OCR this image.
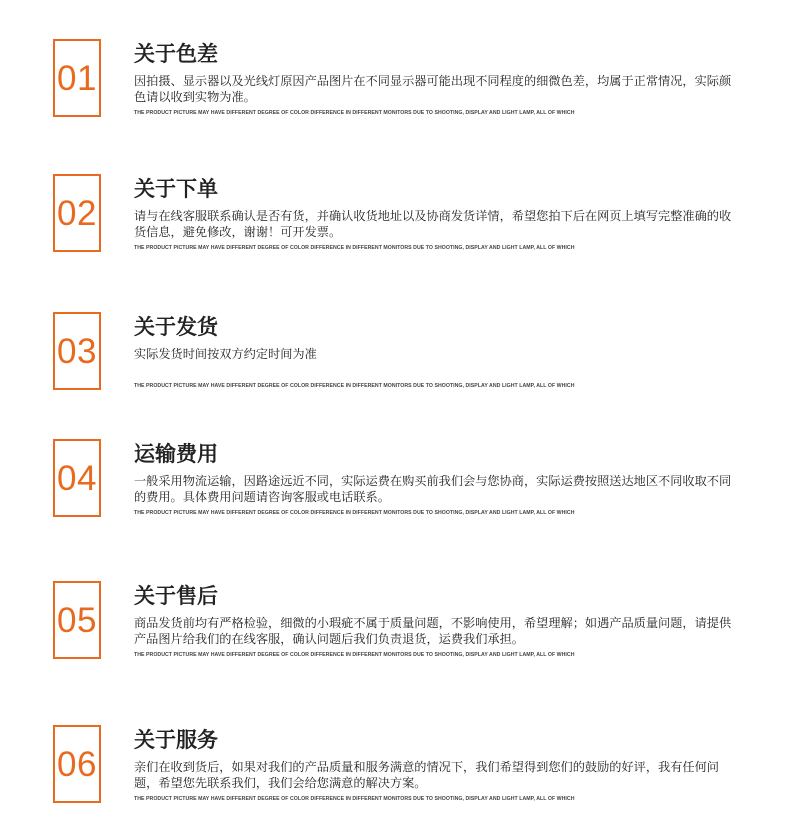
01
关于色差

因拍摄、显示器以及光线灯原因产品图片在不同显示器可能出现不同程度的细微色差，均属于正常情况，实际颜色请以收到实物为准。

THE PRODUCT PICTURE MAY HAVE DIFFERENT DEGREE OF COLOR DIFFERENCE IN DIFFERENT MONITORS DUE TO SHOOTING, DISPLAY AND LIGHT LAMP, ALL OF WHICH

02
关于下单

请与在线客服联系确认是否有货，并确认收货地址以及协商发货详情，希望您拍下后在网页上填写完整准确的收货信息，避免修改，谢谢！可开发票。

THE PRODUCT PICTURE MAY HAVE DIFFERENT DEGREE OF COLOR DIFFERENCE IN DIFFERENT MONITORS DUE TO SHOOTING, DISPLAY AND LIGHT LAMP, ALL OF WHICH

03
关于发货

实际发货时间按双方约定时间为准

THE PRODUCT PICTURE MAY HAVE DIFFERENT DEGREE OF COLOR DIFFERENCE IN DIFFERENT MONITORS DUE TO SHOOTING, DISPLAY AND LIGHT LAMP, ALL OF WHICH

04
运输费用

一般采用物流运输，因路途远近不同，实际运费在购买前我们会与您协商，实际运费按照送达地区不同收取不同的费用。具体费用问题请咨询客服或电话联系。

THE PRODUCT PICTURE MAY HAVE DIFFERENT DEGREE OF COLOR DIFFERENCE IN DIFFERENT MONITORS DUE TO SHOOTING, DISPLAY AND LIGHT LAMP, ALL OF WHICH

05
关于售后

商品发货前均有严格检验，细微的小瑕疵不属于质量问题，不影响使用，希望理解；如遇产品质量问题，请提供产品图片给我们的在线客服，确认问题后我们负责退货，运费我们承担。

THE PRODUCT PICTURE MAY HAVE DIFFERENT DEGREE OF COLOR DIFFERENCE IN DIFFERENT MONITORS DUE TO SHOOTING, DISPLAY AND LIGHT LAMP, ALL OF WHICH

06
关于服务

亲们在收到货后，如果对我们的产品质量和服务满意的情况下，我们希望得到您们的鼓励的好评，我有任何问题，希望您先联系我们，我们会给您满意的解决方案。

THE PRODUCT PICTURE MAY HAVE DIFFERENT DEGREE OF COLOR DIFFERENCE IN DIFFERENT MONITORS DUE TO SHOOTING, DISPLAY AND LIGHT LAMP, ALL OF WHICH
